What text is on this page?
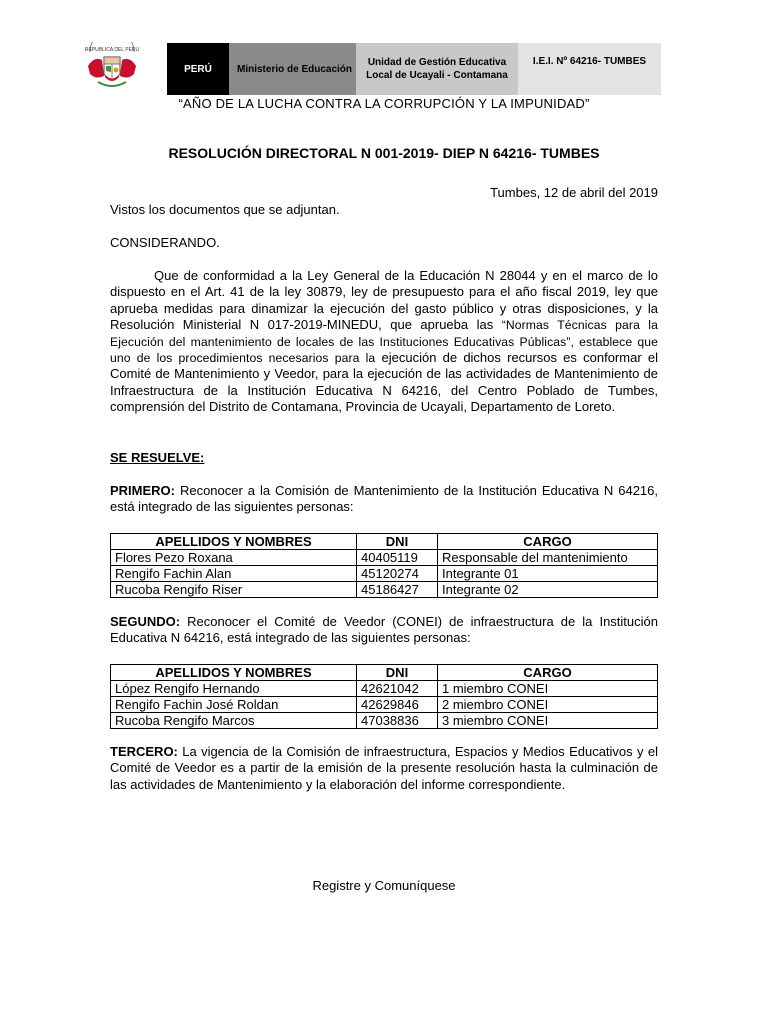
REPUBLICA DEL PERU
PERÚ	Ministerio de Educación
Unidad de Gestión Educativa
Local de Ucayali - Contamana
I.E.I. Nº 64216- TUMBES
“AÑO DE LA LUCHA CONTRA LA CORRUPCIÓN Y LA IMPUNIDAD”
RESOLUCIÓN DIRECTORAL N 001-2019- DIEP N 64216- TUMBES
Tumbes, 12 de abril del 2019
Vistos los documentos que se adjuntan.
CONSIDERANDO.
Que de conformidad a la Ley General de la Educación N 28044 y en el marco de lo dispuesto en el Art. 41 de la ley 30879, ley de presupuesto para el año fiscal 2019, ley que aprueba medidas para dinamizar la ejecución del gasto público y otras disposiciones, y la Resolución Ministerial N 017-2019-MINEDU, que aprueba las “Normas Técnicas para la Ejecución del mantenimiento de locales de las Instituciones Educativas Públicas”, establece que uno de los procedimientos necesarios para la ejecución de dichos recursos es conformar el Comité de Mantenimiento y Veedor, para la ejecución de las actividades de Mantenimiento de Infraestructura de la Institución Educativa N 64216, del Centro Poblado de Tumbes, comprensión del Distrito de Contamana, Provincia de Ucayali, Departamento de Loreto.
SE RESUELVE:
PRIMERO: Reconocer a la Comisión de Mantenimiento de la Institución Educativa N 64216, está integrado de las siguientes personas:
APELLIDOS Y NOMBRES	DNI	CARGO
Flores Pezo Roxana	40405119	Responsable del mantenimiento
Rengifo Fachin Alan	45120274	Integrante 01
Rucoba Rengifo Riser	45186427	Integrante 02
SEGUNDO: Reconocer el Comité de Veedor (CONEI) de infraestructura de la Institución Educativa N 64216, está integrado de las siguientes personas:
APELLIDOS Y NOMBRES	DNI	CARGO
López Rengifo Hernando	42621042	1 miembro CONEI
Rengifo Fachin José Roldan	42629846	2 miembro CONEI
Rucoba Rengifo Marcos	47038836	3 miembro CONEI
TERCERO: La vigencia de la Comisión de infraestructura, Espacios y Medios Educativos y el Comité de Veedor es a partir de la emisión de la presente resolución hasta la culminación de las actividades de Mantenimiento y la elaboración del informe correspondiente.
Registre y Comuníquese
